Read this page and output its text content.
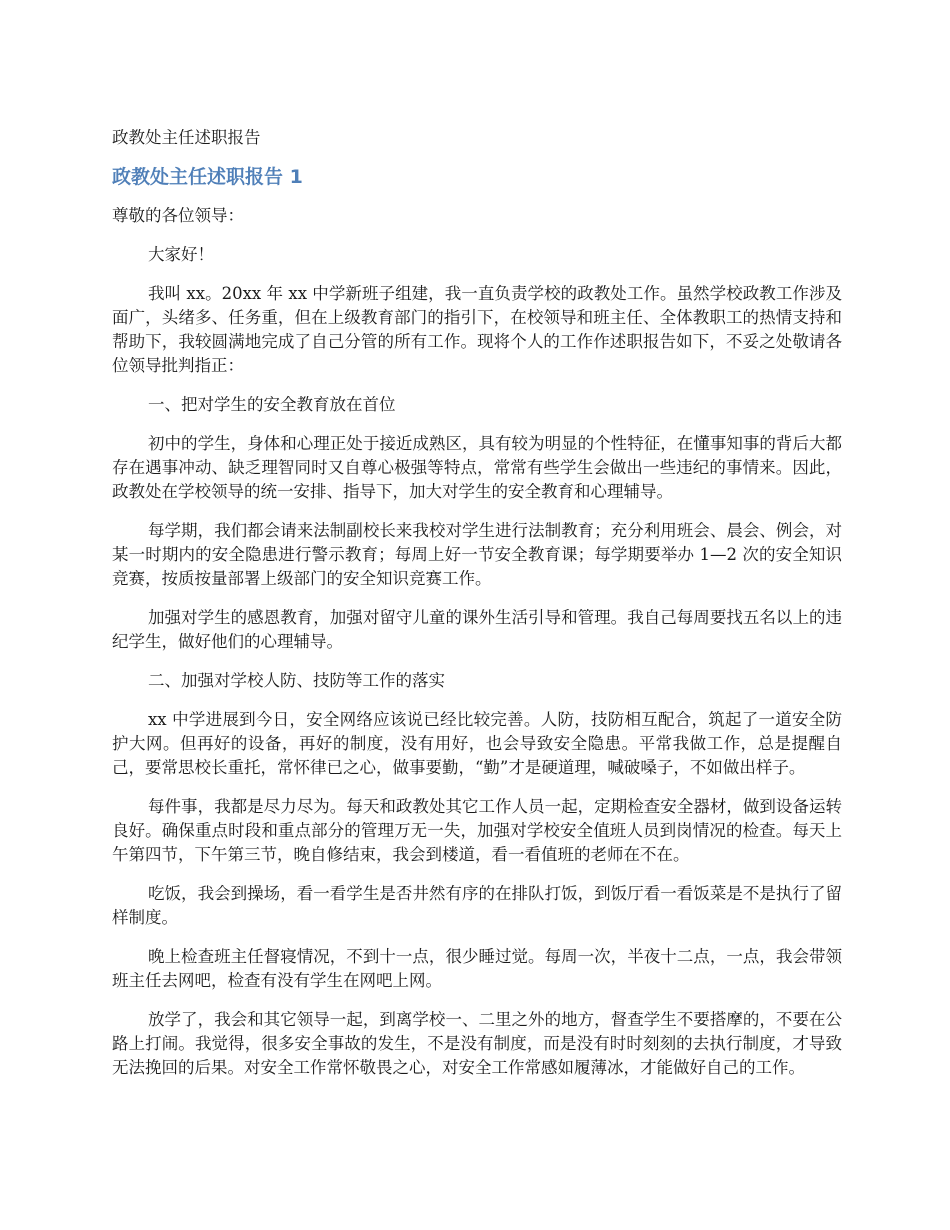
政教处主任述职报告
政教处主任述职报告 1

尊敬的各位领导：

大家好！

我叫 xx。20xx 年 xx 中学新班子组建，我一直负责学校的政教处工作。虽然学校政教工作涉及面广，头绪多、任务重，但在上级教育部门的指引下，在校领导和班主任、全体教职工的热情支持和帮助下，我较圆满地完成了自己分管的所有工作。现将个人的工作作述职报告如下，不妥之处敬请各位领导批判指正：

一、把对学生的安全教育放在首位

初中的学生，身体和心理正处于接近成熟区，具有较为明显的个性特征，在懂事知事的背后大都存在遇事冲动、缺乏理智同时又自尊心极强等特点，常常有些学生会做出一些违纪的事情来。因此，政教处在学校领导的统一安排、指导下，加大对学生的安全教育和心理辅导。

每学期，我们都会请来法制副校长来我校对学生进行法制教育；充分利用班会、晨会、例会，对某一时期内的安全隐患进行警示教育；每周上好一节安全教育课；每学期要举办 1—2 次的安全知识竞赛，按质按量部署上级部门的安全知识竞赛工作。

加强对学生的感恩教育，加强对留守儿童的课外生活引导和管理。我自己每周要找五名以上的违纪学生，做好他们的心理辅导。

二、加强对学校人防、技防等工作的落实

xx 中学进展到今日，安全网络应该说已经比较完善。人防，技防相互配合，筑起了一道安全防护大网。但再好的设备，再好的制度，没有用好，也会导致安全隐患。平常我做工作，总是提醒自己，要常思校长重托，常怀律已之心，做事要勤，“勤”才是硬道理，喊破嗓子，不如做出样子。

每件事，我都是尽力尽为。每天和政教处其它工作人员一起，定期检查安全器材，做到设备运转良好。确保重点时段和重点部分的管理万无一失，加强对学校安全值班人员到岗情况的检查。每天上午第四节，下午第三节，晚自修结束，我会到楼道，看一看值班的老师在不在。

吃饭，我会到操场，看一看学生是否井然有序的在排队打饭，到饭厅看一看饭菜是不是执行了留样制度。

晚上检查班主任督寝情况，不到十一点，很少睡过觉。每周一次，半夜十二点，一点，我会带领班主任去网吧，检查有没有学生在网吧上网。

放学了，我会和其它领导一起，到离学校一、二里之外的地方，督查学生不要搭摩的，不要在公路上打闹。我觉得，很多安全事故的发生，不是没有制度，而是没有时时刻刻的去执行制度，才导致无法挽回的后果。对安全工作常怀敬畏之心，对安全工作常感如履薄冰，才能做好自己的工作。
